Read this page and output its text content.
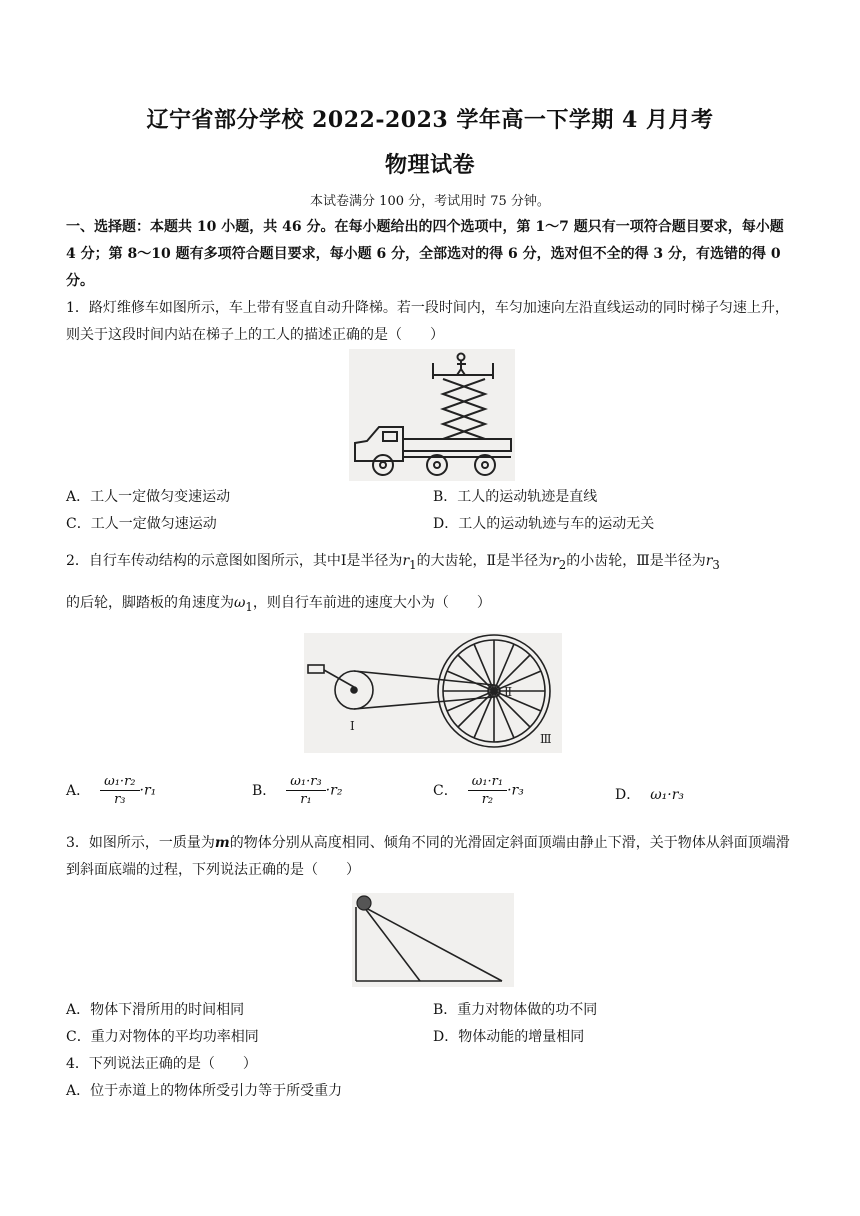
辽宁省部分学校 2022-2023 学年高一下学期 4 月月考
物理试卷
本试卷满分 100 分，考试用时 75 分钟。
一、选择题：本题共 10 小题，共 46 分。在每小题给出的四个选项中，第 1～7 题只有一项符合题目要求，每小题 4 分；第 8～10 题有多项符合题目要求，每小题 6 分，全部选对的得 6 分，选对但不全的得 3 分，有选错的得 0 分。
1．路灯维修车如图所示，车上带有竖直自动升降梯。若一段时间内，车匀加速向左沿直线运动的同时梯子匀速上升，则关于这段时间内站在梯子上的工人的描述正确的是（　　）
A．工人一定做匀变速运动	B．工人的运动轨迹是直线
C．工人一定做匀速运动	D．工人的运动轨迹与车的运动无关
2．自行车传动结构的示意图如图所示，其中Ⅰ是半径为$r_1$的大齿轮，Ⅱ是半径为$r_2$的小齿轮，Ⅲ是半径为$r_3$
的后轮，脚踏板的角速度为$\omega_1$，则自行车前进的速度大小为（　　）
Ⅰ
Ⅱ
Ⅲ
A． $\frac{\text{ω₁·r₂}}{\text{r₃}} \cdot r_1$	B． $\frac{\text{ω₁·r₃}}{\text{r₁}} \cdot r_2$	C． $\frac{\text{ω₁·r₁}}{\text{r₂}} \cdot r_3$	D． ω₁·r₃
3．如图所示，一质量为m的物体分别从高度相同、倾角不同的光滑固定斜面顶端由静止下滑，关于物体从斜面顶端滑到斜面底端的过程，下列说法正确的是（　　）
A．物体下滑所用的时间相同	B．重力对物体做的功不同
C．重力对物体的平均功率相同	D．物体动能的增量相同
4．下列说法正确的是（　　）
A．位于赤道上的物体所受引力等于所受重力
